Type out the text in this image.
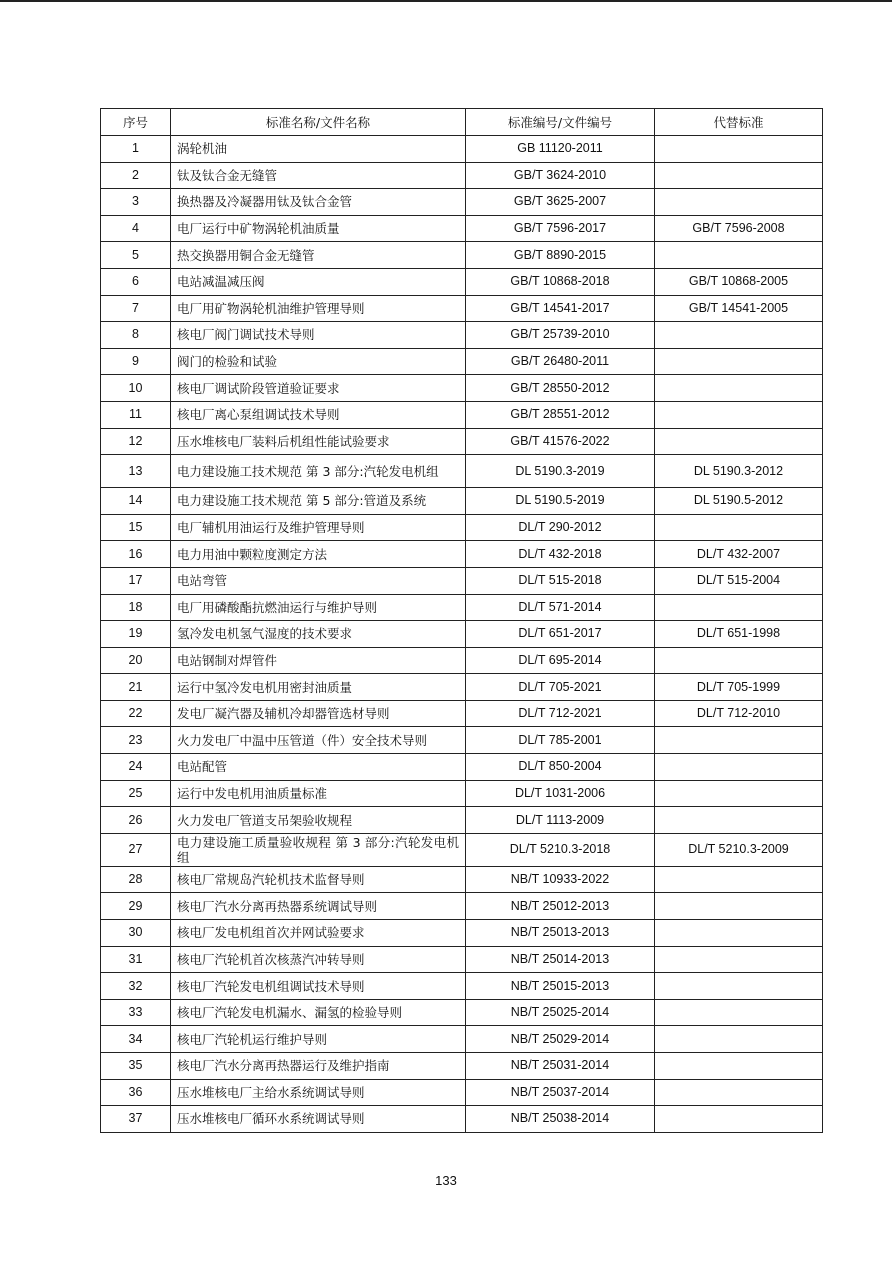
序号	标准名称/文件名称	标准编号/文件编号	代替标准
1	涡轮机油	GB 11120-2011	
2	钛及钛合金无缝管	GB/T 3624-2010	
3	换热器及冷凝器用钛及钛合金管	GB/T 3625-2007	
4	电厂运行中矿物涡轮机油质量	GB/T 7596-2017	GB/T 7596-2008
5	热交换器用铜合金无缝管	GB/T 8890-2015	
6	电站减温减压阀	GB/T 10868-2018	GB/T 10868-2005
7	电厂用矿物涡轮机油维护管理导则	GB/T 14541-2017	GB/T 14541-2005
8	核电厂阀门调试技术导则	GB/T 25739-2010	
9	阀门的检验和试验	GB/T 26480-2011	
10	核电厂调试阶段管道验证要求	GB/T 28550-2012	
11	核电厂离心泵组调试技术导则	GB/T 28551-2012	
12	压水堆核电厂装料后机组性能试验要求	GB/T 41576-2022	
13	电力建设施工技术规范 第 3 部分:汽轮发电机组	DL 5190.3-2019	DL 5190.3-2012
14	电力建设施工技术规范 第 5 部分:管道及系统	DL 5190.5-2019	DL 5190.5-2012
15	电厂辅机用油运行及维护管理导则	DL/T 290-2012	
16	电力用油中颗粒度测定方法	DL/T 432-2018	DL/T 432-2007
17	电站弯管	DL/T 515-2018	DL/T 515-2004
18	电厂用磷酸酯抗燃油运行与维护导则	DL/T 571-2014	
19	氢冷发电机氢气湿度的技术要求	DL/T 651-2017	DL/T 651-1998
20	电站钢制对焊管件	DL/T 695-2014	
21	运行中氢冷发电机用密封油质量	DL/T 705-2021	DL/T 705-1999
22	发电厂凝汽器及辅机冷却器管选材导则	DL/T 712-2021	DL/T 712-2010
23	火力发电厂中温中压管道（件）安全技术导则	DL/T 785-2001	
24	电站配管	DL/T 850-2004	
25	运行中发电机用油质量标准	DL/T 1031-2006	
26	火力发电厂管道支吊架验收规程	DL/T 1113-2009	
27	电力建设施工质量验收规程 第 3 部分:汽轮发电机组	DL/T 5210.3-2018	DL/T 5210.3-2009
28	核电厂常规岛汽轮机技术监督导则	NB/T 10933-2022	
29	核电厂汽水分离再热器系统调试导则	NB/T 25012-2013	
30	核电厂发电机组首次并网试验要求	NB/T 25013-2013	
31	核电厂汽轮机首次核蒸汽冲转导则	NB/T 25014-2013	
32	核电厂汽轮发电机组调试技术导则	NB/T 25015-2013	
33	核电厂汽轮发电机漏水、漏氢的检验导则	NB/T 25025-2014	
34	核电厂汽轮机运行维护导则	NB/T 25029-2014	
35	核电厂汽水分离再热器运行及维护指南	NB/T 25031-2014	
36	压水堆核电厂主给水系统调试导则	NB/T 25037-2014	
37	压水堆核电厂循环水系统调试导则	NB/T 25038-2014	
133
